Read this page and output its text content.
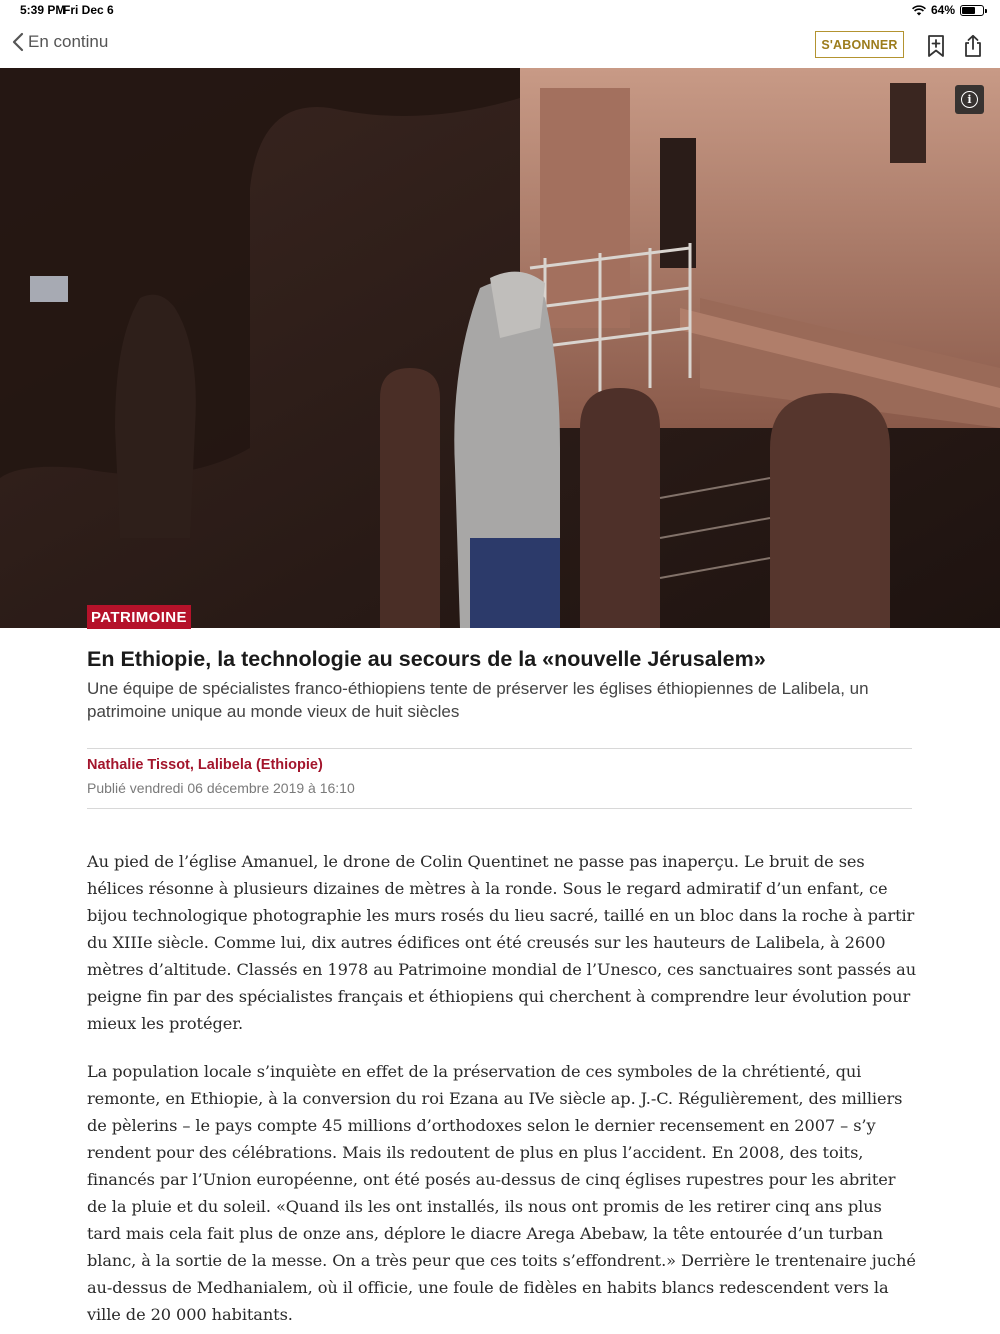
5:39 PM
Fri Dec 6	64%
En continu	S'ABONNER
i
PATRIMOINE
En Ethiopie, la technologie au secours de la «nouvelle Jérusalem»

Une équipe de spécialistes franco-éthiopiens tente de préserver les églises éthiopiennes de Lalibela, un patrimoine unique au monde vieux de huit siècles

Nathalie Tissot, Lalibela (Ethiopie)
Publié vendredi 06 décembre 2019 à 16:10

Au pied de l’église Amanuel, le drone de Colin Quentinet ne passe pas inaperçu. Le bruit de ses hélices résonne à plusieurs dizaines de mètres à la ronde. Sous le regard admiratif d’un enfant, ce bijou technologique photographie les murs rosés du lieu sacré, taillé en un bloc dans la roche à partir du XIIIe siècle. Comme lui, dix autres édifices ont été creusés sur les hauteurs de Lalibela, à 2600 mètres d’altitude. Classés en 1978 au Patrimoine mondial de l’Unesco, ces sanctuaires sont passés au peigne fin par des spécialistes français et éthiopiens qui cherchent à comprendre leur évolution pour mieux les protéger.

La population locale s’inquiète en effet de la préservation de ces symboles de la chrétienté, qui remonte, en Ethiopie, à la conversion du roi Ezana au IVe siècle ap. J.-C. Régulièrement, des milliers de pèlerins – le pays compte 45 millions d’orthodoxes selon le dernier recensement en 2007 – s’y rendent pour des célébrations. Mais ils redoutent de plus en plus l’accident. En 2008, des toits, financés par l’Union européenne, ont été posés au-dessus de cinq églises rupestres pour les abriter de la pluie et du soleil. «Quand ils les ont installés, ils nous ont promis de les retirer cinq ans plus tard mais cela fait plus de onze ans, déplore le diacre Arega Abebaw, la tête entourée d’un turban blanc, à la sortie de la messe. On a très peur que ces toits s’effondrent.» Derrière le trentenaire juché au-dessus de Medhanialem, où il officie, une foule de fidèles en habits blancs redescendent vers la ville de 20 000 habitants.
